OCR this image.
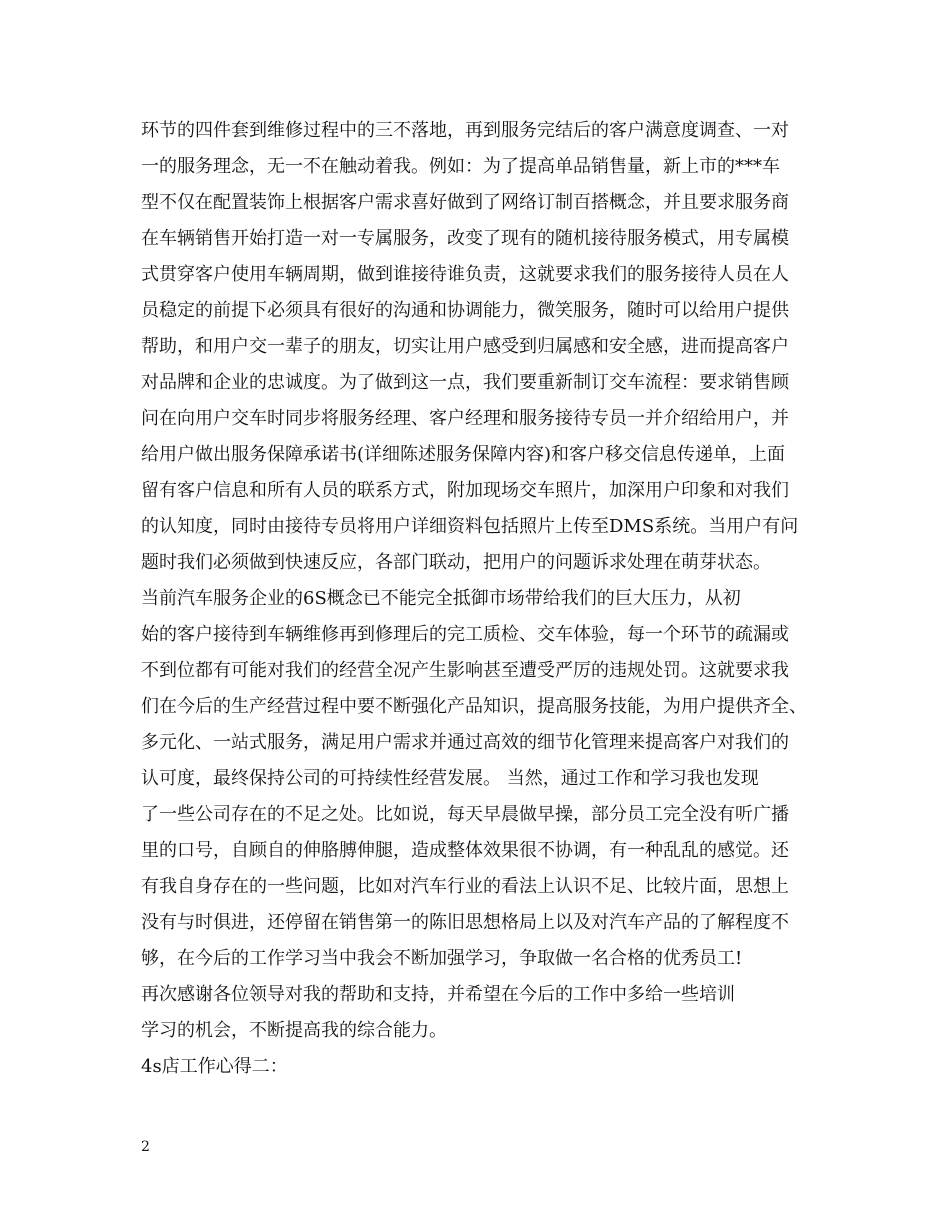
环节的四件套到维修过程中的三不落地，再到服务完结后的客户满意度调查、一对
一的服务理念，无一不在触动着我。例如：为了提高单品销售量，新上市的***车
型不仅在配置装饰上根据客户需求喜好做到了网络订制百搭概念，并且要求服务商
在车辆销售开始打造一对一专属服务，改变了现有的随机接待服务模式，用专属模
式贯穿客户使用车辆周期，做到谁接待谁负责，这就要求我们的服务接待人员在人
员稳定的前提下必须具有很好的沟通和协调能力，微笑服务，随时可以给用户提供
帮助，和用户交一辈子的朋友，切实让用户感受到归属感和安全感，进而提高客户
对品牌和企业的忠诚度。为了做到这一点，我们要重新制订交车流程：要求销售顾
问在向用户交车时同步将服务经理、客户经理和服务接待专员一并介绍给用户，并
给用户做出服务保障承诺书(详细陈述服务保障内容)和客户移交信息传递单，上面
留有客户信息和所有人员的联系方式，附加现场交车照片，加深用户印象和对我们
的认知度，同时由接待专员将用户详细资料包括照片上传至DMS系统。当用户有问
题时我们必须做到快速反应，各部门联动，把用户的问题诉求处理在萌芽状态。
当前汽车服务企业的6S概念已不能完全抵御市场带给我们的巨大压力，从初
始的客户接待到车辆维修再到修理后的完工质检、交车体验，每一个环节的疏漏或
不到位都有可能对我们的经营全况产生影响甚至遭受严厉的违规处罚。这就要求我
们在今后的生产经营过程中要不断强化产品知识，提高服务技能，为用户提供齐全、
多元化、一站式服务，满足用户需求并通过高效的细节化管理来提高客户对我们的
认可度，最终保持公司的可持续性经营发展。 当然，通过工作和学习我也发现
了一些公司存在的不足之处。比如说，每天早晨做早操，部分员工完全没有听广播
里的口号，自顾自的伸胳膊伸腿，造成整体效果很不协调，有一种乱乱的感觉。还
有我自身存在的一些问题，比如对汽车行业的看法上认识不足、比较片面，思想上
没有与时俱进，还停留在销售第一的陈旧思想格局上以及对汽车产品的了解程度不
够，在今后的工作学习当中我会不断加强学习，争取做一名合格的优秀员工!
再次感谢各位领导对我的帮助和支持，并希望在今后的工作中多给一些培训
学习的机会，不断提高我的综合能力。
4s店工作心得二：
2
